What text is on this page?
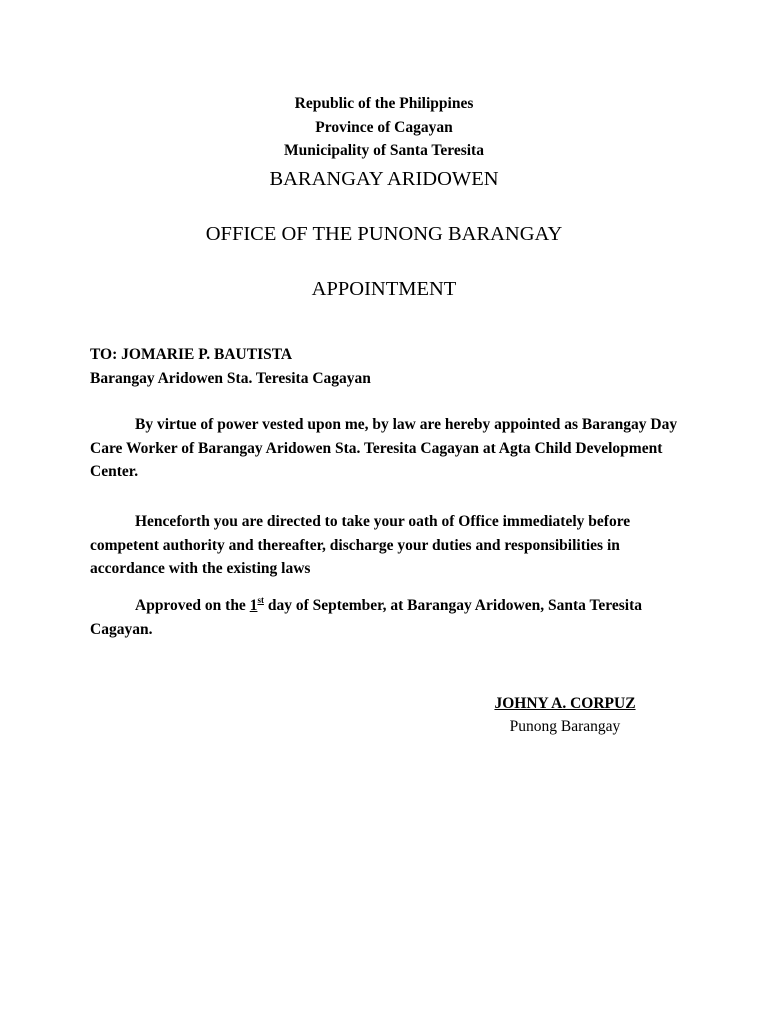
Republic of the Philippines
Province of Cagayan
Municipality of Santa Teresita
BARANGAY ARIDOWEN
OFFICE OF THE PUNONG BARANGAY
APPOINTMENT
TO: JOMARIE P. BAUTISTA
Barangay Aridowen Sta. Teresita Cagayan
By virtue of power vested upon me, by law are hereby appointed as Barangay Day Care Worker of Barangay Aridowen Sta. Teresita Cagayan at Agta Child Development Center.
Henceforth you are directed to take your oath of Office immediately before competent authority and thereafter, discharge your duties and responsibilities in accordance with the existing laws
Approved on the 1st day of September, at Barangay Aridowen, Santa Teresita Cagayan.
JOHNY A. CORPUZ
Punong Barangay
